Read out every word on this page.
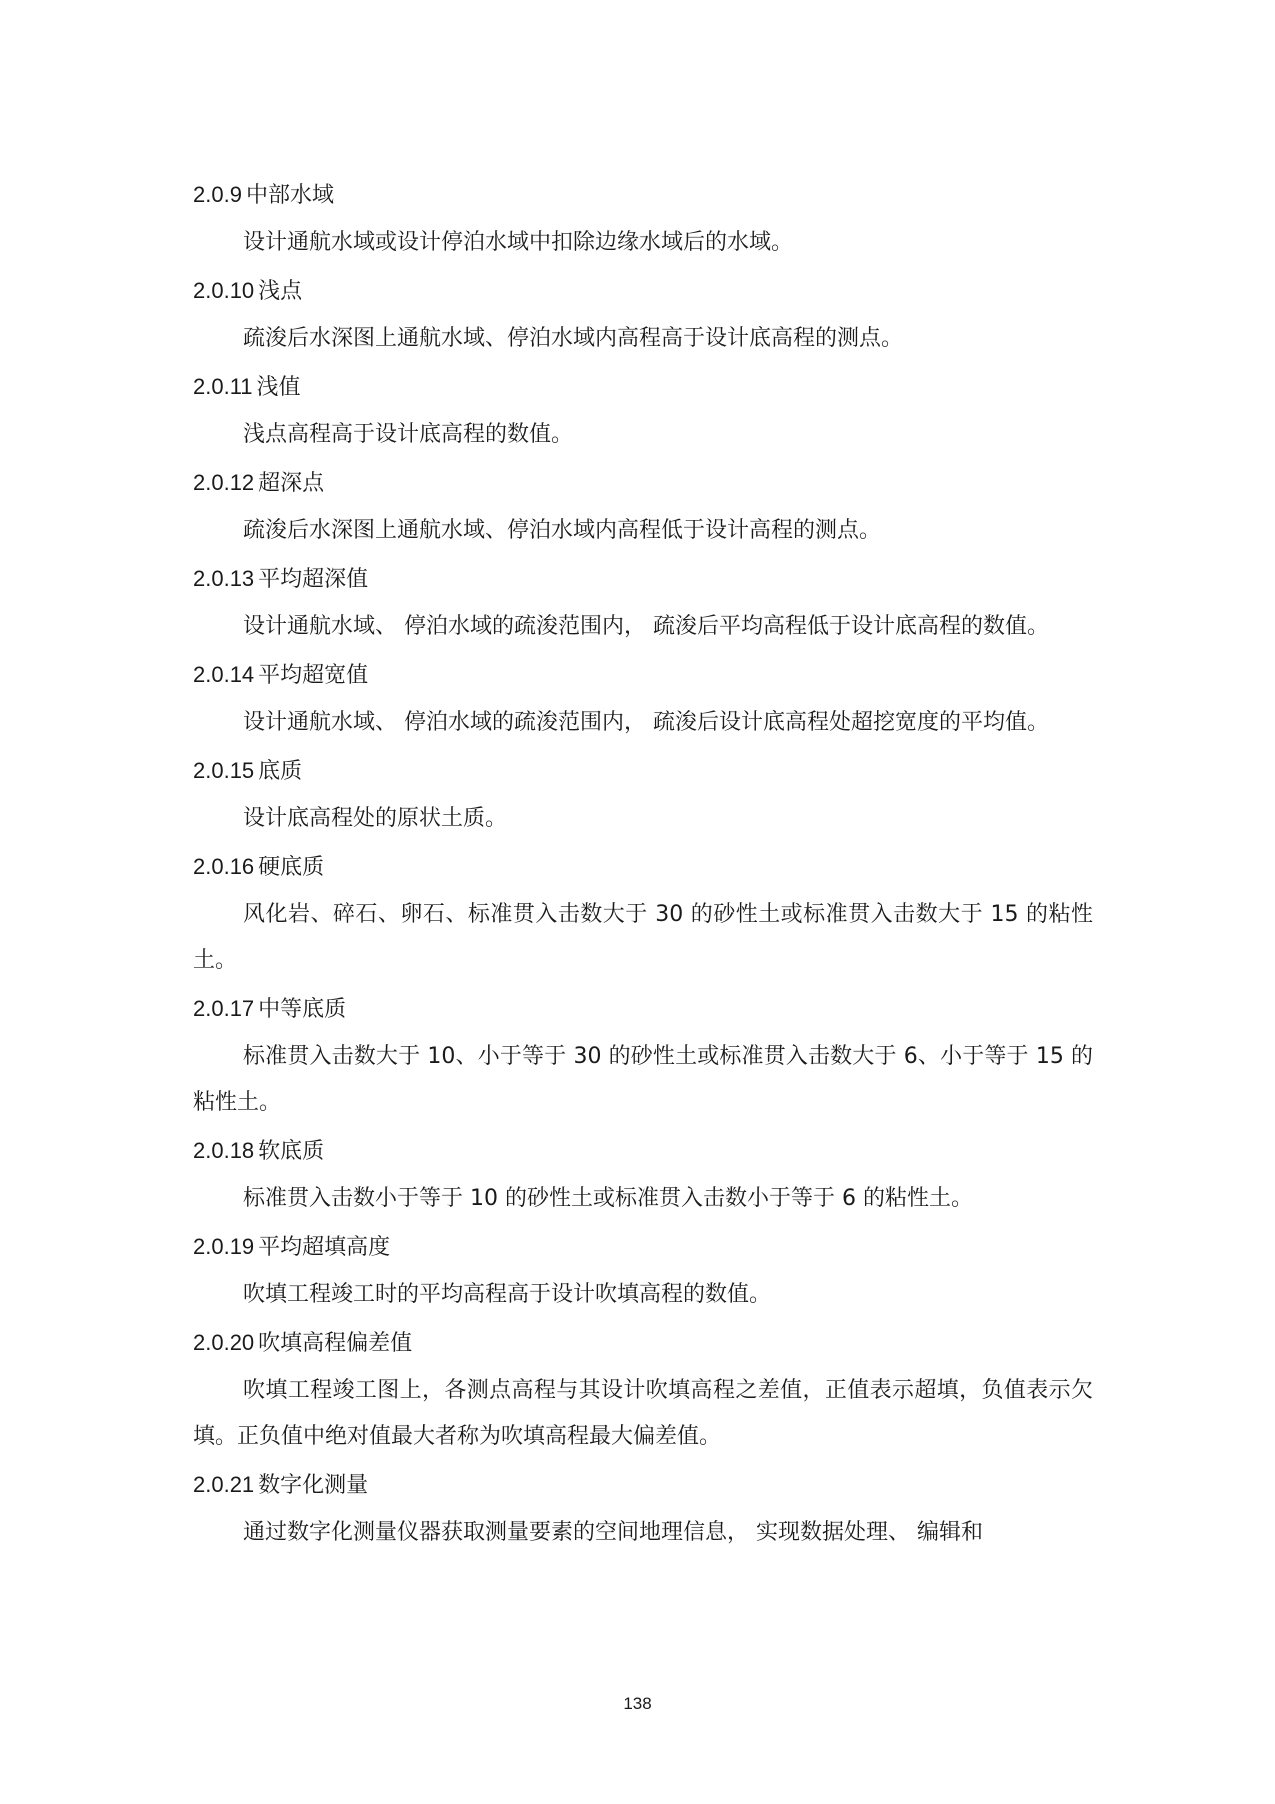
2.0.9 中部水域
设计通航水域或设计停泊水域中扣除边缘水域后的水域。
2.0.10 浅点
疏浚后水深图上通航水域、停泊水域内高程高于设计底高程的测点。
2.0.11 浅值
浅点高程高于设计底高程的数值。
2.0.12 超深点
疏浚后水深图上通航水域、停泊水域内高程低于设计高程的测点。
2.0.13 平均超深值
设计通航水域、 停泊水域的疏浚范围内， 疏浚后平均高程低于设计底高程的数值。
2.0.14 平均超宽值
设计通航水域、 停泊水域的疏浚范围内， 疏浚后设计底高程处超挖宽度的平均值。
2.0.15 底质
设计底高程处的原状土质。
2.0.16 硬底质
风化岩、碎石、卵石、标准贯入击数大于 30 的砂性土或标准贯入击数大于 15 的粘性土。
2.0.17 中等底质
标准贯入击数大于 10、小于等于 30 的砂性土或标准贯入击数大于 6、小于等于 15 的粘性土。
2.0.18 软底质
标准贯入击数小于等于 10 的砂性土或标准贯入击数小于等于 6 的粘性土。
2.0.19 平均超填高度
吹填工程竣工时的平均高程高于设计吹填高程的数值。
2.0.20 吹填高程偏差值
吹填工程竣工图上，各测点高程与其设计吹填高程之差值，正值表示超填，负值表示欠填。正负值中绝对值最大者称为吹填高程最大偏差值。
2.0.21 数字化测量
通过数字化测量仪器获取测量要素的空间地理信息， 实现数据处理、 编辑和
138
